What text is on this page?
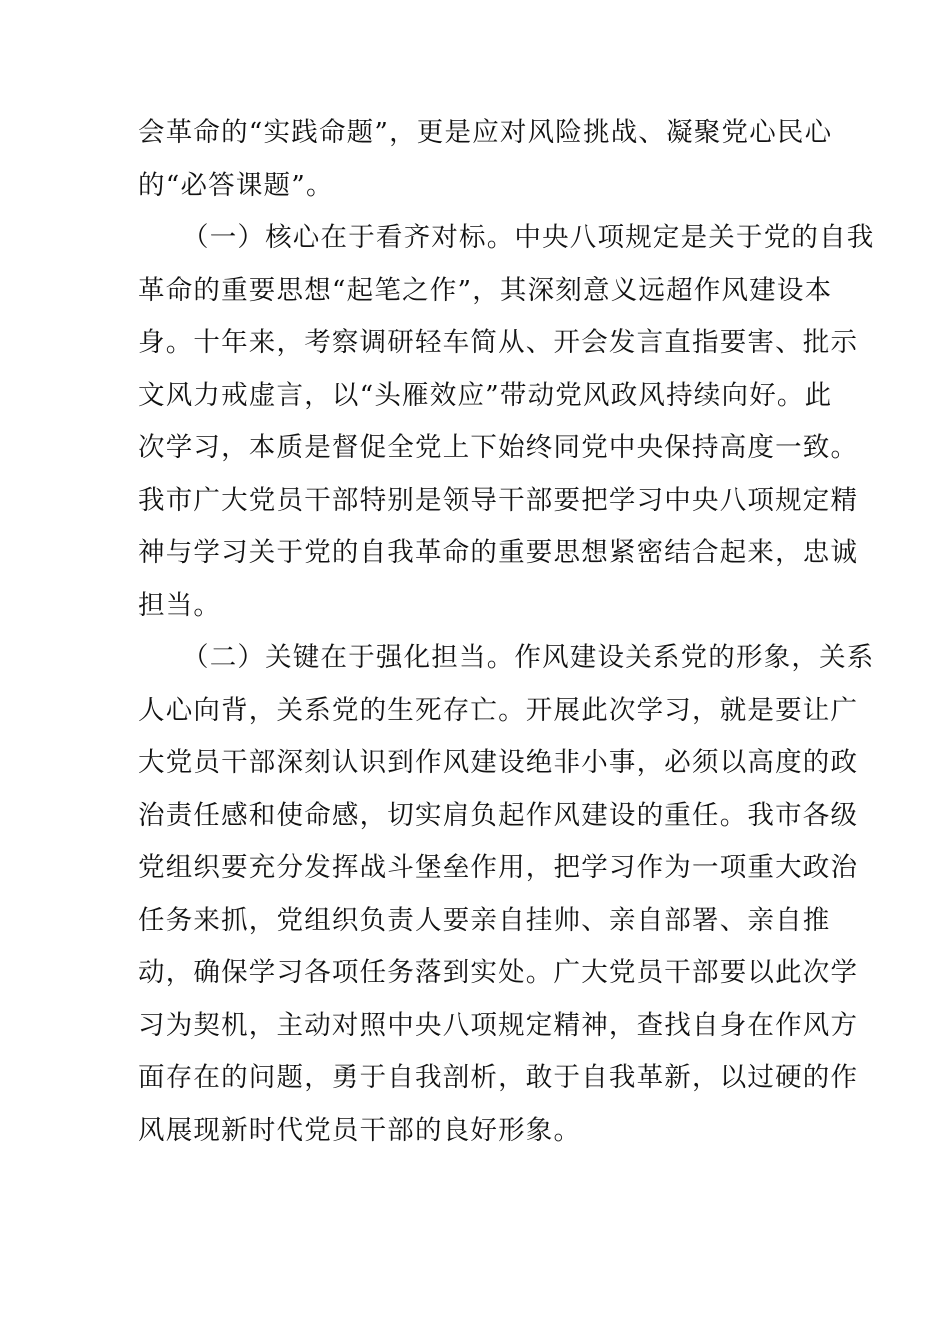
会革命的“实践命题”，更是应对风险挑战、凝聚党心民心
的“必答课题”。
（一）核心在于看齐对标。中央八项规定是关于党的自我
革命的重要思想“起笔之作”，其深刻意义远超作风建设本
身。十年来，考察调研轻车简从、开会发言直指要害、批示
文风力戒虚言，以“头雁效应”带动党风政风持续向好。此
次学习，本质是督促全党上下始终同党中央保持高度一致。
我市广大党员干部特别是领导干部要把学习中央八项规定精
神与学习关于党的自我革命的重要思想紧密结合起来，忠诚
担当。
（二）关键在于强化担当。作风建设关系党的形象，关系
人心向背，关系党的生死存亡。开展此次学习，就是要让广
大党员干部深刻认识到作风建设绝非小事，必须以高度的政
治责任感和使命感，切实肩负起作风建设的重任。我市各级
党组织要充分发挥战斗堡垒作用，把学习作为一项重大政治
任务来抓，党组织负责人要亲自挂帅、亲自部署、亲自推
动，确保学习各项任务落到实处。广大党员干部要以此次学
习为契机，主动对照中央八项规定精神，查找自身在作风方
面存在的问题，勇于自我剖析，敢于自我革新，以过硬的作
风展现新时代党员干部的良好形象。
